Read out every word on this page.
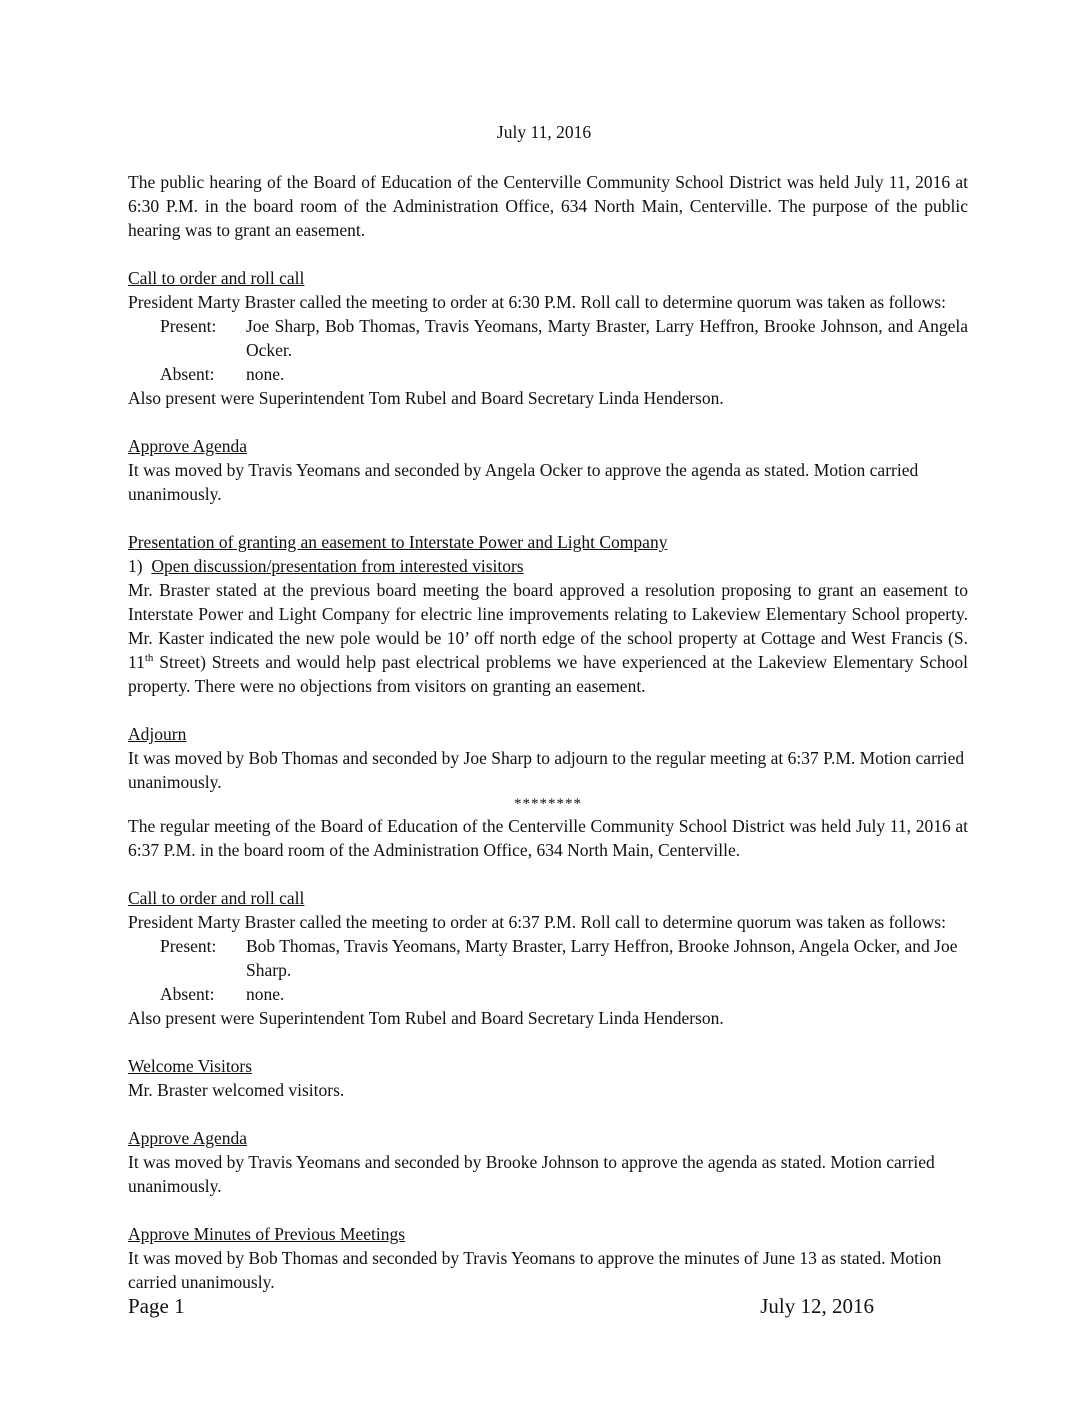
July 11, 2016

The public hearing of the Board of Education of the Centerville Community School District was held July 11, 2016 at 6:30 P.M. in the board room of the Administration Office, 634 North Main, Centerville. The purpose of the public hearing was to grant an easement.

Call to order and roll call

President Marty Braster called the meeting to order at 6:30 P.M. Roll call to determine quorum was taken as follows:

Present:	Joe Sharp, Bob Thomas, Travis Yeomans, Marty Braster, Larry Heffron, Brooke Johnson, and Angela Ocker.
Absent:	none.

Also present were Superintendent Tom Rubel and Board Secretary Linda Henderson.

Approve Agenda

It was moved by Travis Yeomans and seconded by Angela Ocker to approve the agenda as stated. Motion carried unanimously.

Presentation of granting an easement to Interstate Power and Light Company

1) Open discussion/presentation from interested visitors

Mr. Braster stated at the previous board meeting the board approved a resolution proposing to grant an easement to Interstate Power and Light Company for electric line improvements relating to Lakeview Elementary School property. Mr. Kaster indicated the new pole would be 10’ off north edge of the school property at Cottage and West Francis (S. 11th Street) Streets and would help past electrical problems we have experienced at the Lakeview Elementary School property. There were no objections from visitors on granting an easement.

Adjourn

It was moved by Bob Thomas and seconded by Joe Sharp to adjourn to the regular meeting at 6:37 P.M. Motion carried unanimously.

********

The regular meeting of the Board of Education of the Centerville Community School District was held July 11, 2016 at 6:37 P.M. in the board room of the Administration Office, 634 North Main, Centerville.

Call to order and roll call

President Marty Braster called the meeting to order at 6:37 P.M. Roll call to determine quorum was taken as follows:

Present:	Bob Thomas, Travis Yeomans, Marty Braster, Larry Heffron, Brooke Johnson, Angela Ocker, and Joe Sharp.
Absent:	none.

Also present were Superintendent Tom Rubel and Board Secretary Linda Henderson.

Welcome Visitors

Mr. Braster welcomed visitors.

Approve Agenda

It was moved by Travis Yeomans and seconded by Brooke Johnson to approve the agenda as stated. Motion carried unanimously.

Approve Minutes of Previous Meetings

It was moved by Bob Thomas and seconded by Travis Yeomans to approve the minutes of June 13 as stated. Motion carried unanimously.

Page 1	July 12, 2016
